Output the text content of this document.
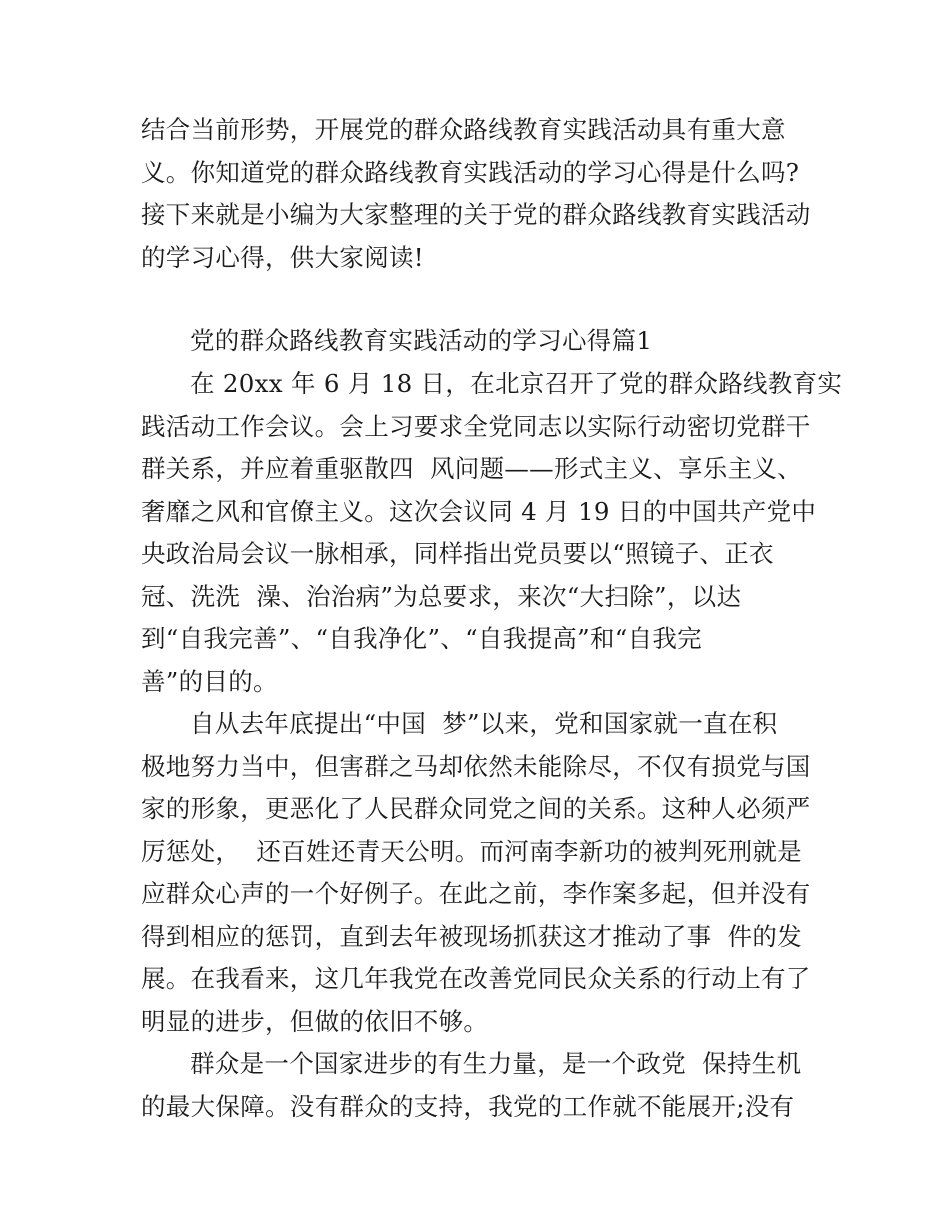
结合当前形势，开展党的群众路线教育实践活动具有重大意
义。你知道党的群众路线教育实践活动的学习心得是什么吗?
接下来就是小编为大家整理的关于党的群众路线教育实践活动
的学习心得，供大家阅读!
党的群众路线教育实践活动的学习心得篇1
在 20xx 年 6 月 18 日，在北京召开了党的群众路线教育实
践活动工作会议。会上习要求全党同志以实际行动密切党群干
群关系，并应着重驱散四  风问题——形式主义、享乐主义、
奢靡之风和官僚主义。这次会议同 4 月 19 日的中国共产党中
央政治局会议一脉相承，同样指出党员要以“照镜子、正衣
冠、洗洗  澡、治治病”为总要求，来次“大扫除”，以达
到“自我完善”、“自我净化”、“自我提高”和“自我完
善”的目的。
自从去年底提出“中国  梦”以来，党和国家就一直在积
极地努力当中，但害群之马却依然未能除尽，不仅有损党与国
家的形象，更恶化了人民群众同党之间的关系。这种人必须严
厉惩处，  还百姓还青天公明。而河南李新功的被判死刑就是
应群众心声的一个好例子。在此之前，李作案多起，但并没有
得到相应的惩罚，直到去年被现场抓获这才推动了事  件的发
展。在我看来，这几年我党在改善党同民众关系的行动上有了
明显的进步，但做的依旧不够。
群众是一个国家进步的有生力量，是一个政党  保持生机
的最大保障。没有群众的支持，我党的工作就不能展开;没有
